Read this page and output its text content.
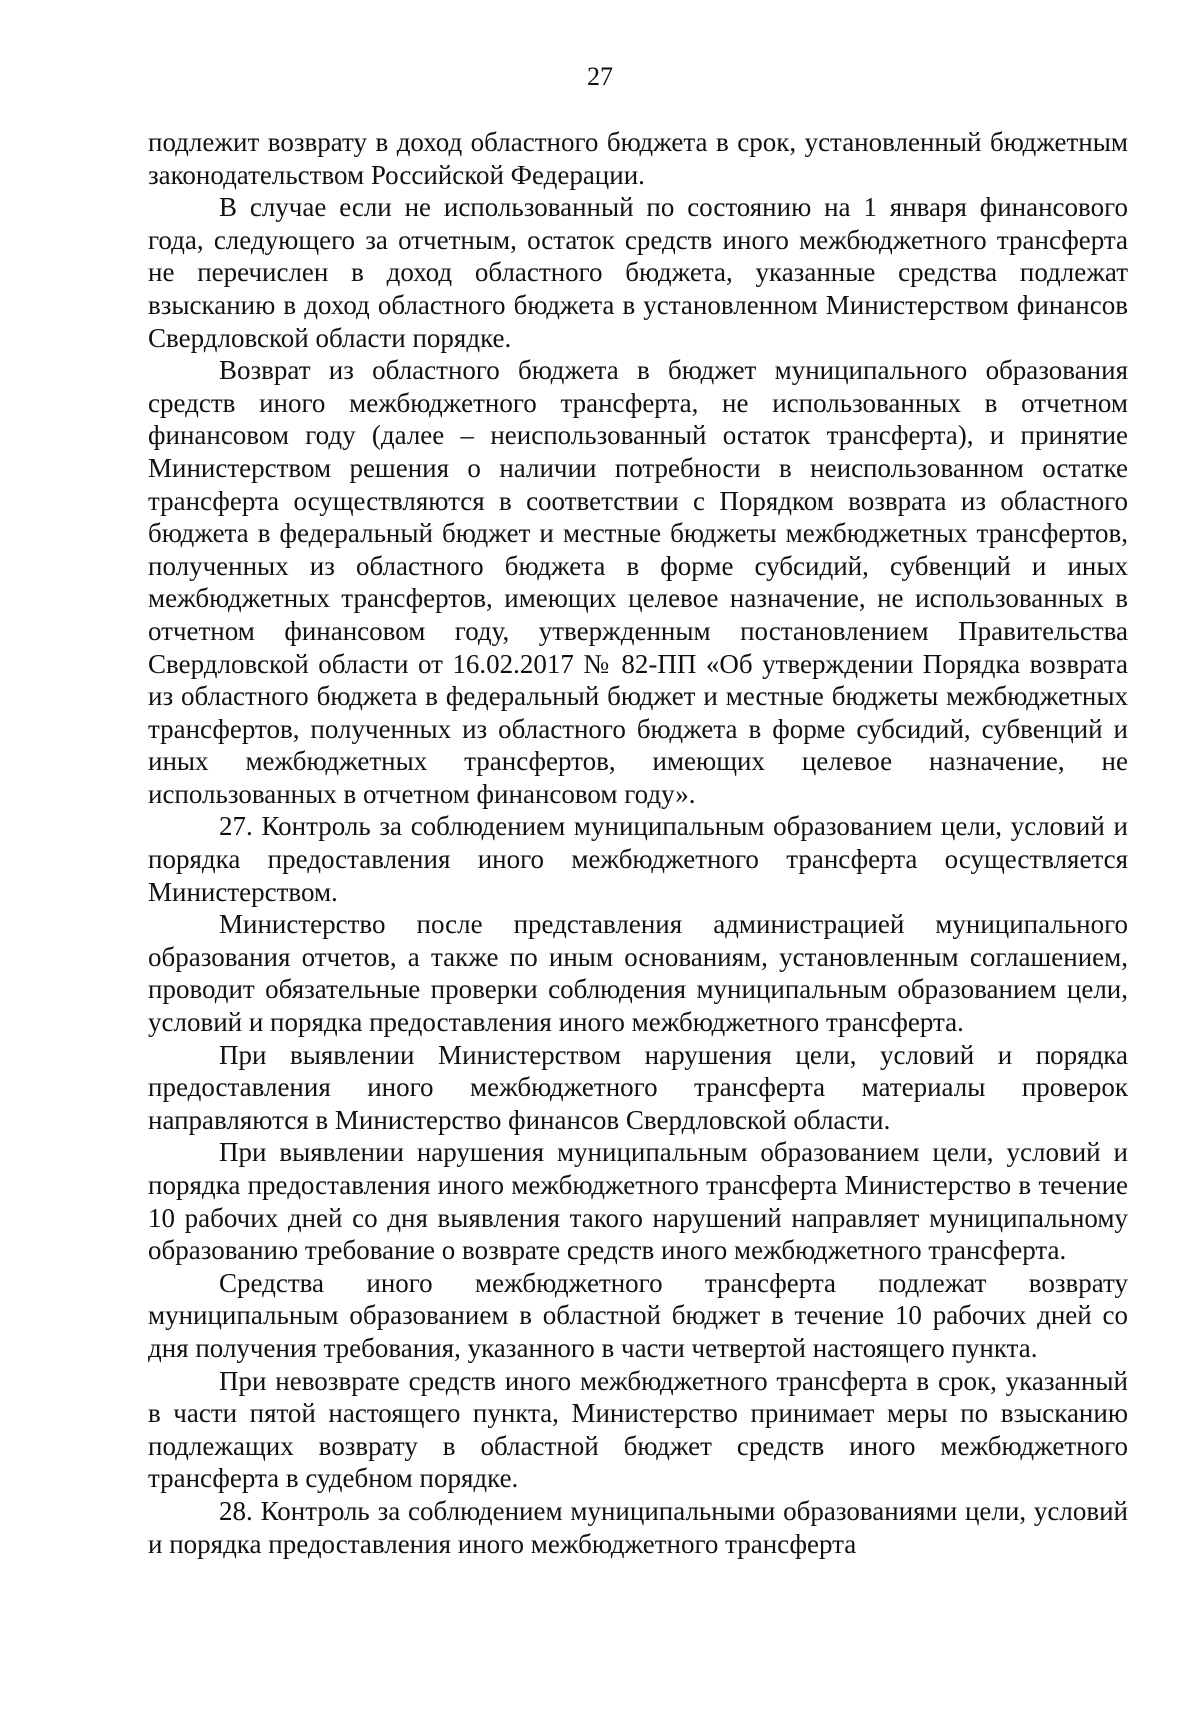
27

подлежит возврату в доход областного бюджета в срок, установленный бюджетным законодательством Российской Федерации.

В случае если не использованный по состоянию на 1 января финансового года, следующего за отчетным, остаток средств иного межбюджетного трансферта не перечислен в доход областного бюджета, указанные средства подлежат взысканию в доход областного бюджета в установленном Министерством финансов Свердловской области порядке.

Возврат из областного бюджета в бюджет муниципального образования средств иного межбюджетного трансферта, не использованных в отчетном финансовом году (далее – неиспользованный остаток трансферта), и принятие Министерством решения о наличии потребности в неиспользованном остатке трансферта осуществляются в соответствии с Порядком возврата из областного бюджета в федеральный бюджет и местные бюджеты межбюджетных трансфертов, полученных из областного бюджета в форме субсидий, субвенций и иных межбюджетных трансфертов, имеющих целевое назначение, не использованных в отчетном финансовом году, утвержденным постановлением Правительства Свердловской области от 16.02.2017 № 82-ПП «Об утверждении Порядка возврата из областного бюджета в федеральный бюджет и местные бюджеты межбюджетных трансфертов, полученных из областного бюджета в форме субсидий, субвенций и иных межбюджетных трансфертов, имеющих целевое назначение, не использованных в отчетном финансовом году».

27. Контроль за соблюдением муниципальным образованием цели, условий и порядка предоставления иного межбюджетного трансферта осуществляется Министерством.

Министерство после представления администрацией муниципального образования отчетов, а также по иным основаниям, установленным соглашением, проводит обязательные проверки соблюдения муниципальным образованием цели, условий и порядка предоставления иного межбюджетного трансферта.

При выявлении Министерством нарушения цели, условий и порядка предоставления иного межбюджетного трансферта материалы проверок направляются в Министерство финансов Свердловской области.

При выявлении нарушения муниципальным образованием цели, условий и порядка предоставления иного межбюджетного трансферта Министерство в течение 10 рабочих дней со дня выявления такого нарушений направляет муниципальному образованию требование о возврате средств иного межбюджетного трансферта.

Средства иного межбюджетного трансферта подлежат возврату муниципальным образованием в областной бюджет в течение 10 рабочих дней со дня получения требования, указанного в части четвертой настоящего пункта.

При невозврате средств иного межбюджетного трансферта в срок, указанный в части пятой настоящего пункта, Министерство принимает меры по взысканию подлежащих возврату в областной бюджет средств иного межбюджетного трансферта в судебном порядке.

28. Контроль за соблюдением муниципальными образованиями цели, условий и порядка предоставления иного межбюджетного трансферта
